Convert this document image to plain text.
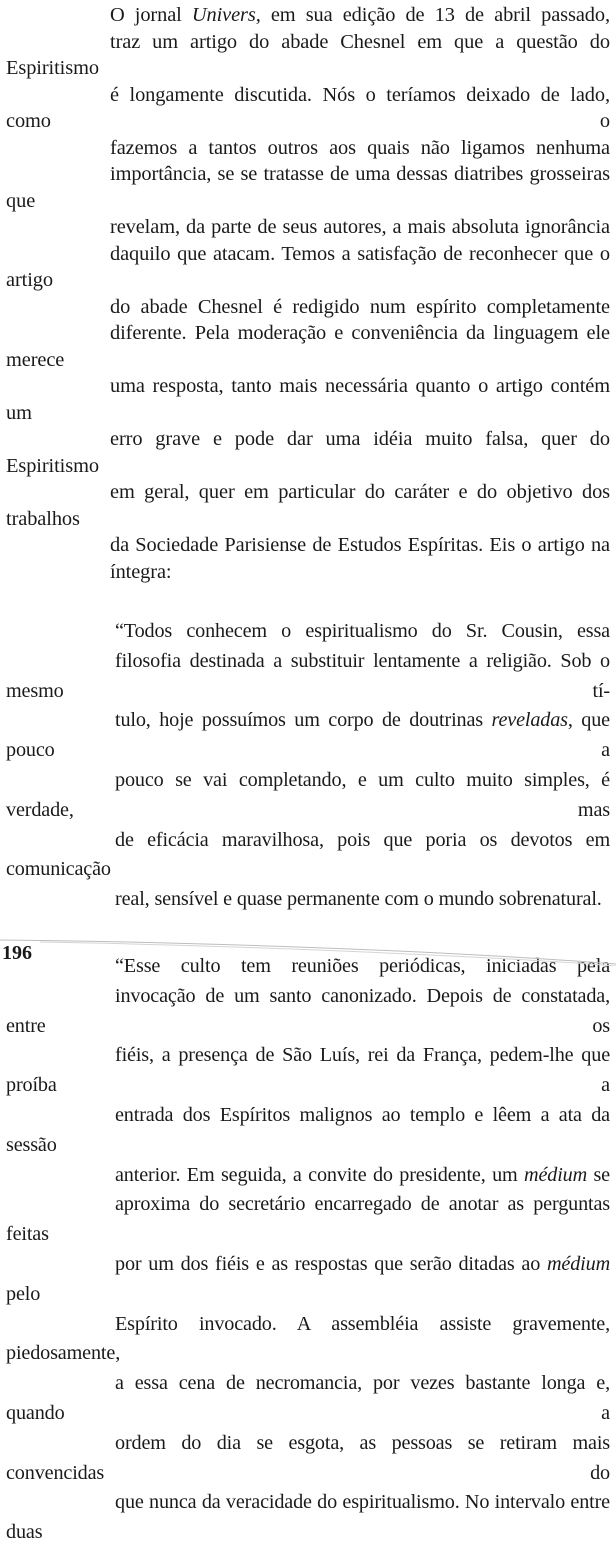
O jornal Univers, em sua edição de 13 de abril passado,
traz um artigo do abade Chesnel em que a questão do Espiritismo
é longamente discutida. Nós o teríamos deixado de lado, como o
fazemos a tantos outros aos quais não ligamos nenhuma
importância, se se tratasse de uma dessas diatribes grosseiras que
revelam, da parte de seus autores, a mais absoluta ignorância
daquilo que atacam. Temos a satisfação de reconhecer que o artigo
do abade Chesnel é redigido num espírito completamente
diferente. Pela moderação e conveniência da linguagem ele merece
uma resposta, tanto mais necessária quanto o artigo contém um
erro grave e pode dar uma idéia muito falsa, quer do Espiritismo
em geral, quer em particular do caráter e do objetivo dos trabalhos
da Sociedade Parisiense de Estudos Espíritas. Eis o artigo na
íntegra:

“Todos conhecem o espiritualismo do Sr. Cousin, essa
filosofia destinada a substituir lentamente a religião. Sob o mesmo tí-
tulo, hoje possuímos um corpo de doutrinas reveladas, que pouco a
pouco se vai completando, e um culto muito simples, é verdade, mas
de eficácia maravilhosa, pois que poria os devotos em comunicação
real, sensível e quase permanente com o mundo sobrenatural.

“Esse culto tem reuniões periódicas, iniciadas pela
invocação de um santo canonizado. Depois de constatada, entre os
fiéis, a presença de São Luís, rei da França, pedem-lhe que proíba a
entrada dos Espíritos malignos ao templo e lêem a ata da sessão
anterior. Em seguida, a convite do presidente, um médium se
aproxima do secretário encarregado de anotar as perguntas feitas
por um dos fiéis e as respostas que serão ditadas ao médium pelo
Espírito invocado. A assembléia assiste gravemente, piedosamente,
a essa cena de necromancia, por vezes bastante longa e, quando a
ordem do dia se esgota, as pessoas se retiram mais convencidas do
que nunca da veracidade do espiritualismo. No intervalo entre duas

196
